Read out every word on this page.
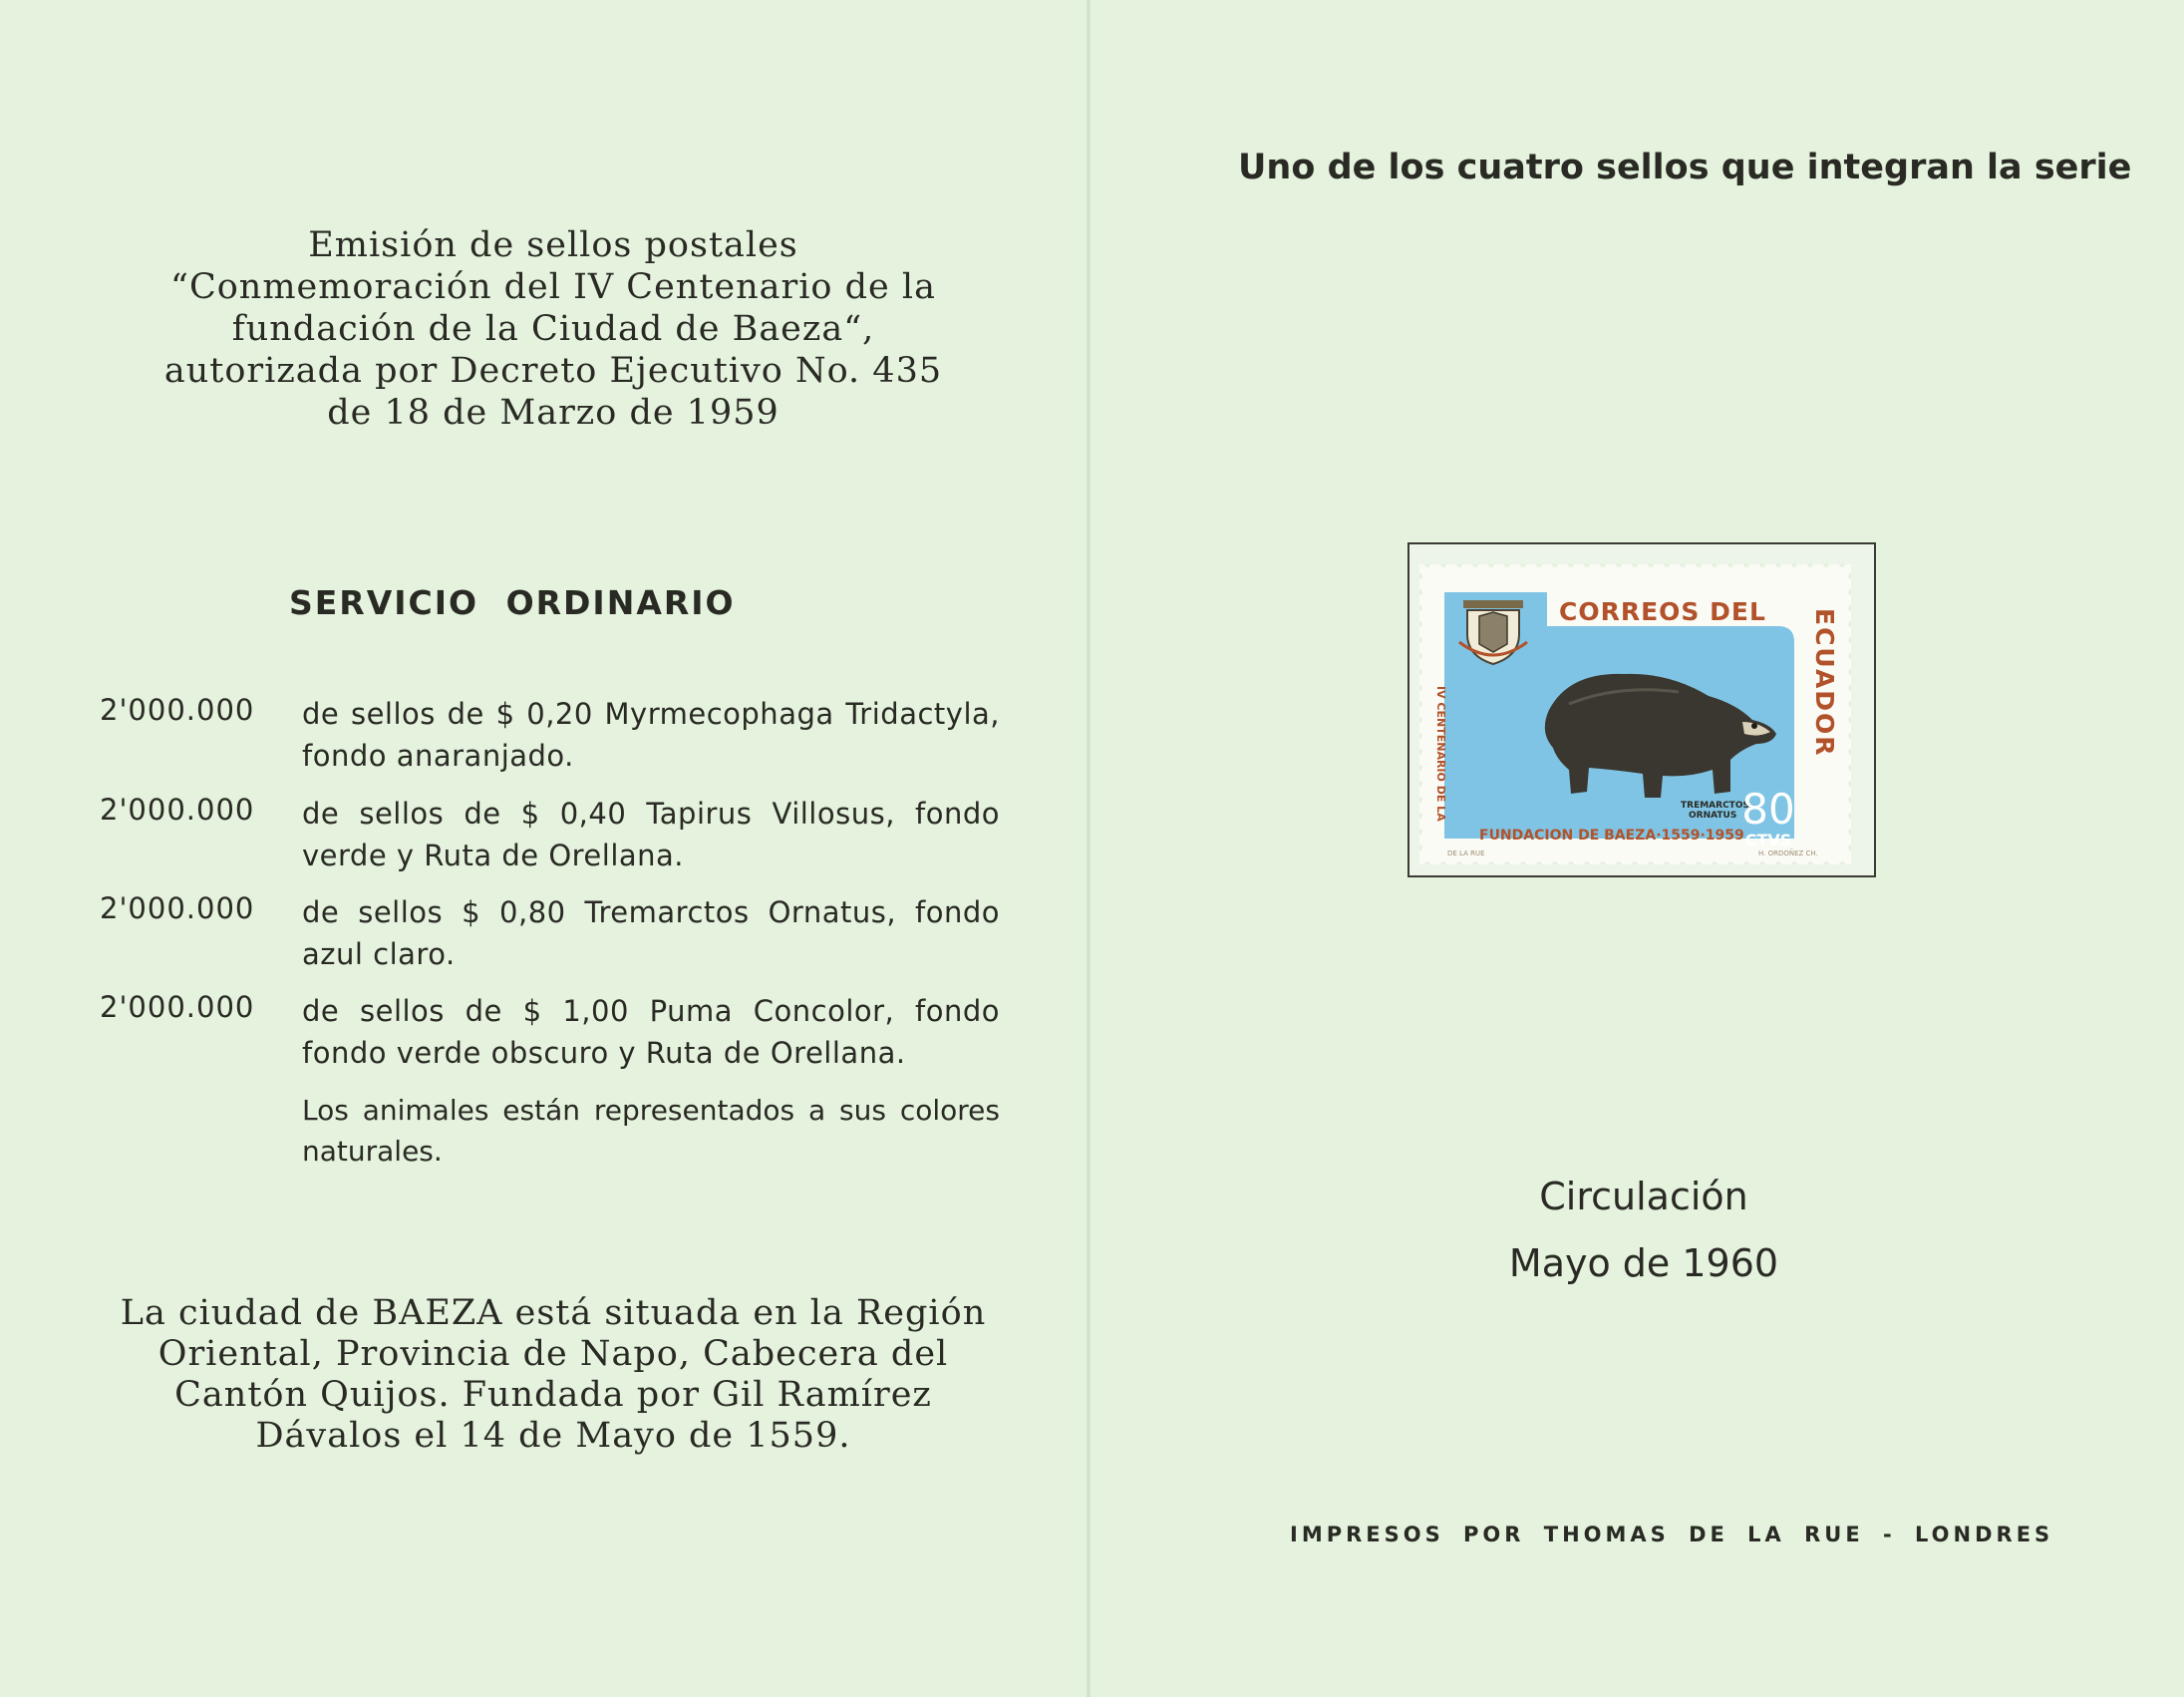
Emisión de sellos postales
“Conmemoración del IV Centenario de la
fundación de la Ciudad de Baeza“,
autorizada por Decreto Ejecutivo No. 435
de 18 de Marzo de 1959
SERVICIO ORDINARIO
2'000.000	de sellos de $ 0,20 Myrmecophaga Tridactyla, fondo anaranjado.
2'000.000	de sellos de $ 0,40 Tapirus Villosus, fondo verde y Ruta de Orellana.
2'000.000	de sellos $ 0,80 Tremarctos Ornatus, fondo azul claro.
2'000.000	de sellos de $ 1,00 Puma Concolor, fondo fondo verde obscuro y Ruta de Orellana.
Los animales están representados a sus colores naturales.
La ciudad de BAEZA está situada en la Región
Oriental, Provincia de Napo, Cabecera del
Cantón Quijos. Fundada por Gil Ramírez
Dávalos el 14 de Mayo de 1559.
Uno de los cuatro sellos que integran la serie
CORREOS DEL ECUADOR
IV CENTENARIO DE LA
FUNDACION DE BAEZA·1559·1959
TREMARCTOS
ORNATUS 80
CTVS
DE LA RUE	H. ORDOÑEZ CH.
Circulación
Mayo de 1960
IMPRESOS POR THOMAS DE LA RUE - LONDRES
